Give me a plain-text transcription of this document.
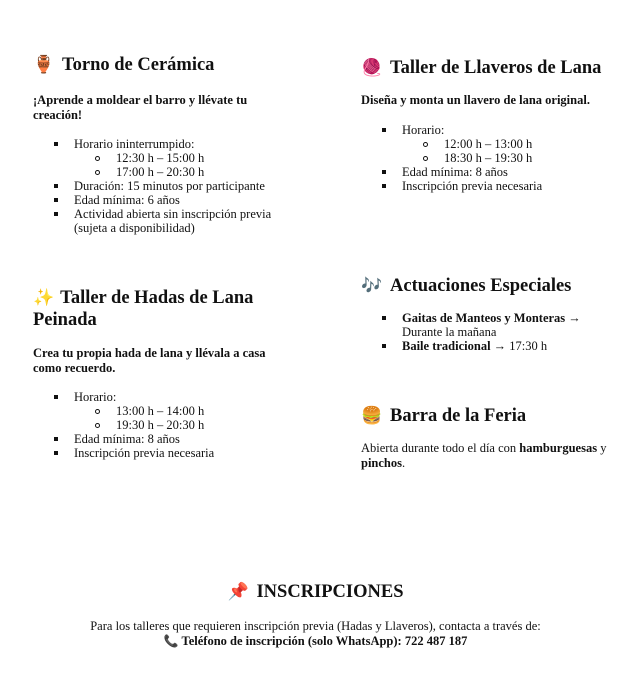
🏺 Torno de Cerámica

¡Aprende a moldear el barro y llévate tu creación!

Horario ininterrumpido:
12:30 h – 15:00 h
17:00 h – 20:30 h
Duración: 15 minutos por participante
Edad mínima: 6 años
Actividad abierta sin inscripción previa (sujeta a disponibilidad)
🧶 Taller de Llaveros de Lana

Diseña y monta un llavero de lana original.

Horario:
12:00 h – 13:00 h
18:30 h – 19:30 h
Edad mínima: 8 años
Inscripción previa necesaria
✨ Taller de Hadas de Lana Peinada

Crea tu propia hada de lana y llévala a casa como recuerdo.

Horario:
13:00 h – 14:00 h
19:30 h – 20:30 h
Edad mínima: 8 años
Inscripción previa necesaria
🎶 Actuaciones Especiales
Gaitas de Manteos y Monteras → Durante la mañana
Baile tradicional → 17:30 h
🍔 Barra de la Feria

Abierta durante todo el día con hamburguesas y pinchos.

📌 INSCRIPCIONES

Para los talleres que requieren inscripción previa (Hadas y Llaveros), contacta a través de:

📞 Teléfono de inscripción (solo WhatsApp): 722 487 187
